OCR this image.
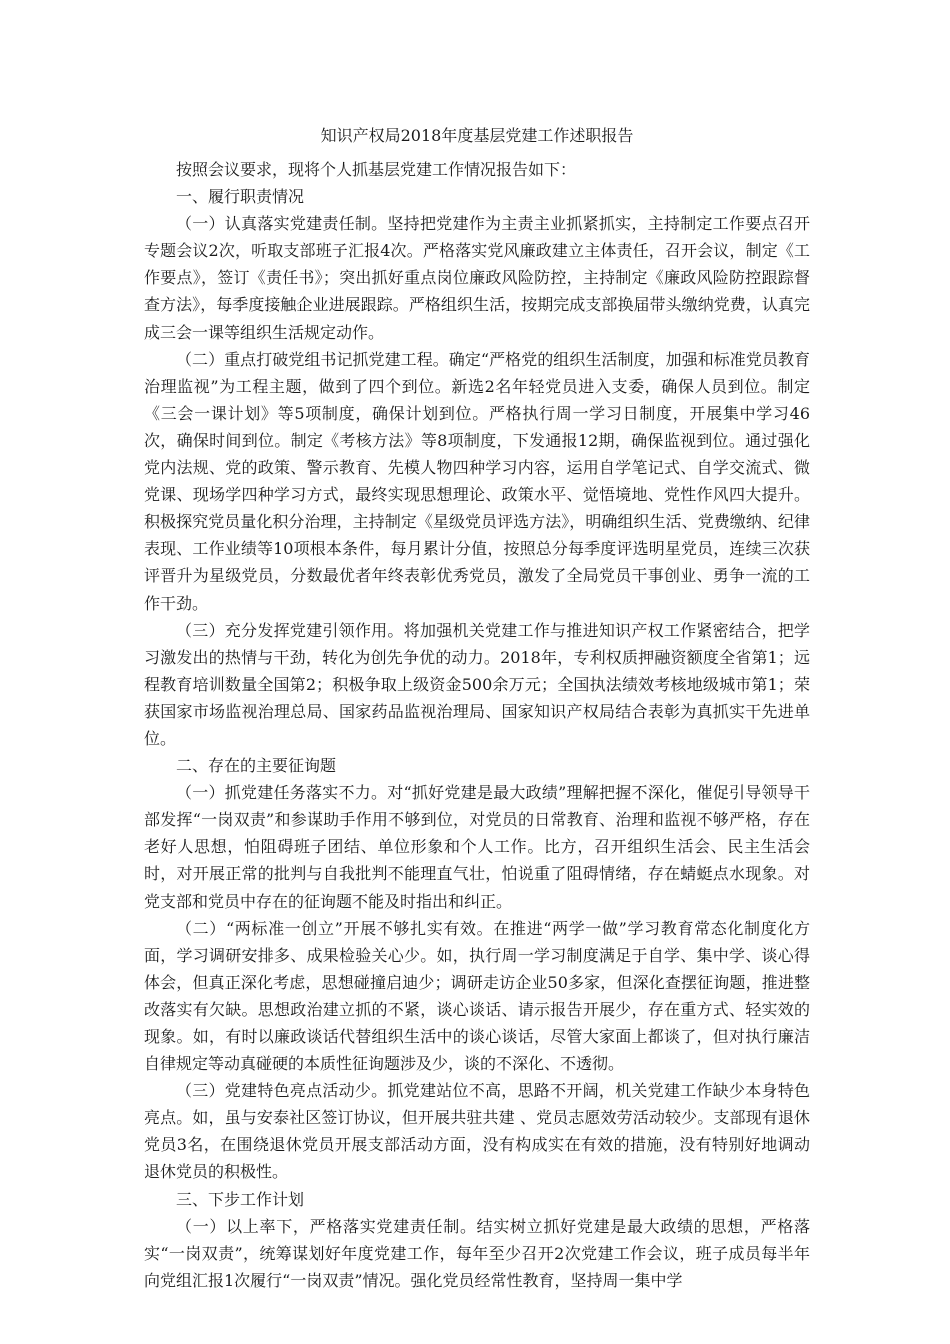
知识产权局2018年度基层党建工作述职报告

按照会议要求，现将个人抓基层党建工作情况报告如下：

一、履行职责情况

（一）认真落实党建责任制。坚持把党建作为主责主业抓紧抓实，主持制定工作要点召开专题会议2次，听取支部班子汇报4次。严格落实党风廉政建立主体责任，召开会议，制定《工作要点》，签订《责任书》；突出抓好重点岗位廉政风险防控，主持制定《廉政风险防控跟踪督查方法》，每季度接触企业进展跟踪。严格组织生活，按期完成支部换届带头缴纳党费，认真完成三会一课等组织生活规定动作。

（二）重点打破党组书记抓党建工程。确定“严格党的组织生活制度，加强和标准党员教育治理监视”为工程主题，做到了四个到位。新选2名年轻党员进入支委，确保人员到位。制定《三会一课计划》等5项制度，确保计划到位。严格执行周一学习日制度，开展集中学习46次，确保时间到位。制定《考核方法》等8项制度，下发通报12期，确保监视到位。通过强化党内法规、党的政策、警示教育、先模人物四种学习内容，运用自学笔记式、自学交流式、微党课、现场学四种学习方式，最终实现思想理论、政策水平、觉悟境地、党性作风四大提升。积极探究党员量化积分治理，主持制定《星级党员评选方法》，明确组织生活、党费缴纳、纪律表现、工作业绩等10项根本条件，每月累计分值，按照总分每季度评选明星党员，连续三次获评晋升为星级党员，分数最优者年终表彰优秀党员，激发了全局党员干事创业、勇争一流的工作干劲。

（三）充分发挥党建引领作用。将加强机关党建工作与推进知识产权工作紧密结合，把学习激发出的热情与干劲，转化为创先争优的动力。2018年，专利权质押融资额度全省第1；远程教育培训数量全国第2；积极争取上级资金500余万元；全国执法绩效考核地级城市第1；荣获国家市场监视治理总局、国家药品监视治理局、国家知识产权局结合表彰为真抓实干先进单位。

二、存在的主要征询题

（一）抓党建任务落实不力。对“抓好党建是最大政绩”理解把握不深化，催促引导领导干部发挥“一岗双责”和参谋助手作用不够到位，对党员的日常教育、治理和监视不够严格，存在老好人思想，怕阻碍班子团结、单位形象和个人工作。比方，召开组织生活会、民主生活会时，对开展正常的批判与自我批判不能理直气壮，怕说重了阻碍情绪，存在蜻蜓点水现象。对党支部和党员中存在的征询题不能及时指出和纠正。

（二）“两标准一创立”开展不够扎实有效。在推进“两学一做”学习教育常态化制度化方面，学习调研安排多、成果检验关心少。如，执行周一学习制度满足于自学、集中学、谈心得体会，但真正深化考虑，思想碰撞启迪少；调研走访企业50多家，但深化查摆征询题，推进整改落实有欠缺。思想政治建立抓的不紧，谈心谈话、请示报告开展少，存在重方式、轻实效的现象。如，有时以廉政谈话代替组织生活中的谈心谈话，尽管大家面上都谈了，但对执行廉洁自律规定等动真碰硬的本质性征询题涉及少，谈的不深化、不透彻。

（三）党建特色亮点活动少。抓党建站位不高，思路不开阔，机关党建工作缺少本身特色亮点。如，虽与安泰社区签订协议，但开展共驻共建 、党员志愿效劳活动较少。支部现有退休党员3名，在围绕退休党员开展支部活动方面，没有构成实在有效的措施，没有特别好地调动退休党员的积极性。

三、下步工作计划

（一）以上率下，严格落实党建责任制。结实树立抓好党建是最大政绩的思想，严格落实“一岗双责”，统筹谋划好年度党建工作，每年至少召开2次党建工作会议，班子成员每半年向党组汇报1次履行“一岗双责”情况。强化党员经常性教育，坚持周一集中学
